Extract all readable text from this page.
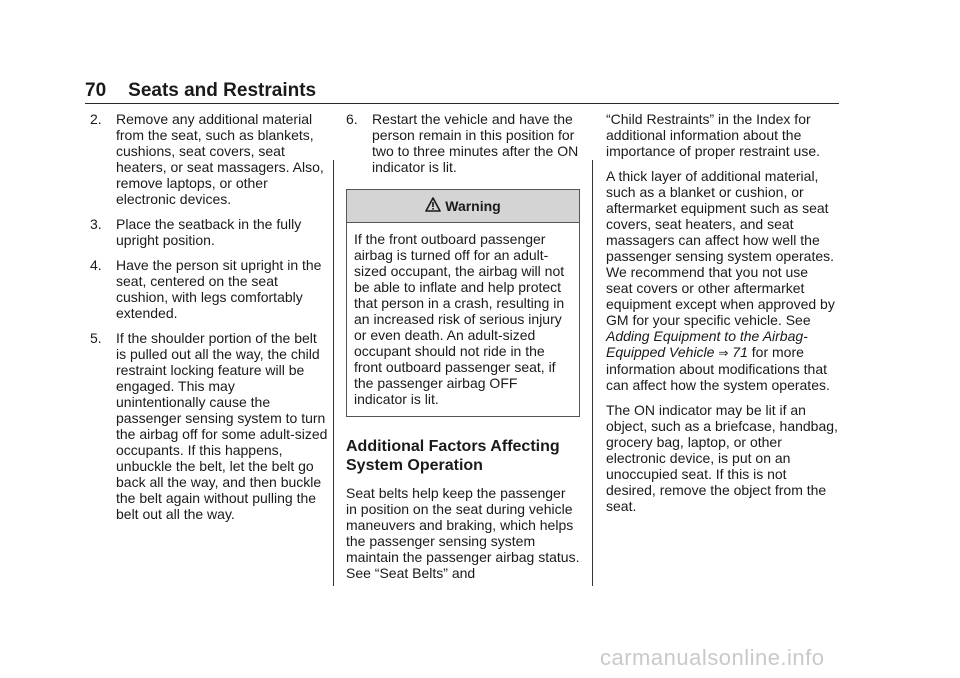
70 Seats and Restraints
2.	Remove any additional material from the seat, such as blankets, cushions, seat covers, seat heaters, or seat massagers. Also, remove laptops, or other electronic devices.
3.	Place the seatback in the fully upright position.
4.	Have the person sit upright in the seat, centered on the seat cushion, with legs comfortably extended.
5.	If the shoulder portion of the belt is pulled out all the way, the child restraint locking feature will be engaged. This may unintentionally cause the passenger sensing system to turn the airbag off for some adult-sized occupants. If this happens, unbuckle the belt, let the belt go back all the way, and then buckle the belt again without pulling the belt out all the way.
6.	Restart the vehicle and have the person remain in this position for two to three minutes after the ON indicator is lit.
Warning
If the front outboard passenger airbag is turned off for an adult-sized occupant, the airbag will not be able to inflate and help protect that person in a crash, resulting in an increased risk of serious injury or even death. An adult-sized occupant should not ride in the front outboard passenger seat, if the passenger airbag OFF indicator is lit.
Additional Factors Affecting System Operation

Seat belts help keep the passenger in position on the seat during vehicle maneuvers and braking, which helps the passenger sensing system maintain the passenger airbag status. See “Seat Belts” and

“Child Restraints” in the Index for additional information about the importance of proper restraint use.

A thick layer of additional material, such as a blanket or cushion, or aftermarket equipment such as seat covers, seat heaters, and seat massagers can affect how well the passenger sensing system operates. We recommend that you not use seat covers or other aftermarket equipment except when approved by GM for your specific vehicle. See Adding Equipment to the Airbag-Equipped Vehicle ⇒ 71 for more information about modifications that can affect how the system operates.

The ON indicator may be lit if an object, such as a briefcase, handbag, grocery bag, laptop, or other electronic device, is put on an unoccupied seat. If this is not desired, remove the object from the seat.

carmanualsonline.info
